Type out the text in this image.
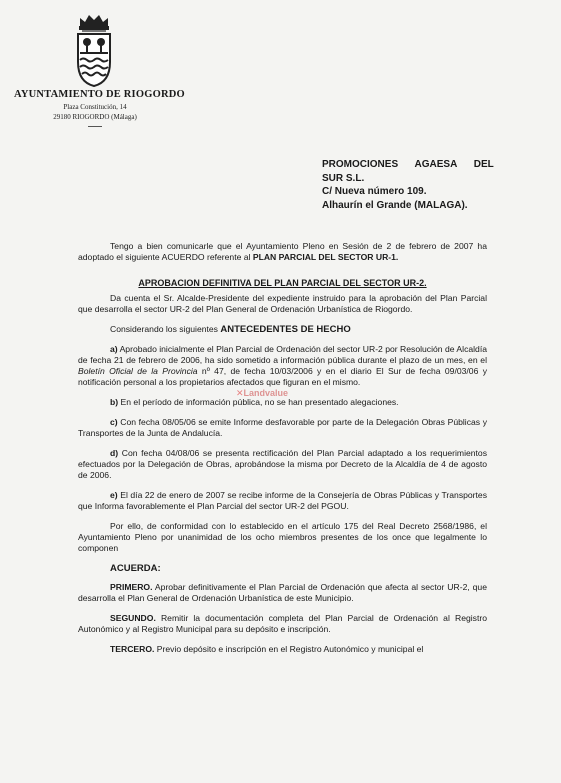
AYUNTAMIENTO DE RIOGORDO
Plaza Constitución, 14
29180 RIOGORDO (Málaga)
PROMOCIONES AGAESA DEL
SUR S.L.
C/ Nueva número 109.
Alhaurín el Grande (MALAGA).

Tengo a bien comunicarle que el Ayuntamiento Pleno en Sesión de 2 de febrero de 2007 ha adoptado el siguiente ACUERDO referente al PLAN PARCIAL DEL SECTOR UR-1.

APROBACION DEFINITIVA DEL PLAN PARCIAL DEL SECTOR UR-2.

Da cuenta el Sr. Alcalde-Presidente del expediente instruido para la aprobación del Plan Parcial que desarrolla el sector UR-2 del Plan General de Ordenación Urbanística de Riogordo.

Considerando los siguientes ANTECEDENTES DE HECHO

a) Aprobado inicialmente el Plan Parcial de Ordenación del sector UR-2 por Resolución de Alcaldía de fecha 21 de febrero de 2006, ha sido sometido a información pública durante el plazo de un mes, en el Boletín Oficial de la Provincia nº 47, de fecha 10/03/2006 y en el diario El Sur de fecha 09/03/06 y notificación personal a los propietarios afectados que figuran en el mismo.

b) En el período de información pública, no se han presentado alegaciones.

c) Con fecha 08/05/06 se emite Informe desfavorable por parte de la Delegación Obras Públicas y Transportes de la Junta de Andalucía.

d) Con fecha 04/08/06 se presenta rectificación del Plan Parcial adaptado a los requerimientos efectuados por la Delegación de Obras, aprobándose la misma por Decreto de la Alcaldía de 4 de agosto de 2006.

e) El día 22 de enero de 2007 se recibe informe de la Consejería de Obras Públicas y Transportes que Informa favorablemente el Plan Parcial del sector UR-2 del PGOU.

Por ello, de conformidad con lo establecido en el artículo 175 del Real Decreto 2568/1986, el Ayuntamiento Pleno por unanimidad de los ocho miembros presentes de los once que legalmente lo componen

ACUERDA:

PRIMERO. Aprobar definitivamente el Plan Parcial de Ordenación que afecta al sector UR-2, que desarrolla el Plan General de Ordenación Urbanística de este Municipio.

SEGUNDO. Remitir la documentación completa del Plan Parcial de Ordenación al Registro Autonómico y al Registro Municipal para su depósito e inscripción.

TERCERO. Previo depósito e inscripción en el Registro Autonómico y municipal el

✕Landvalue
